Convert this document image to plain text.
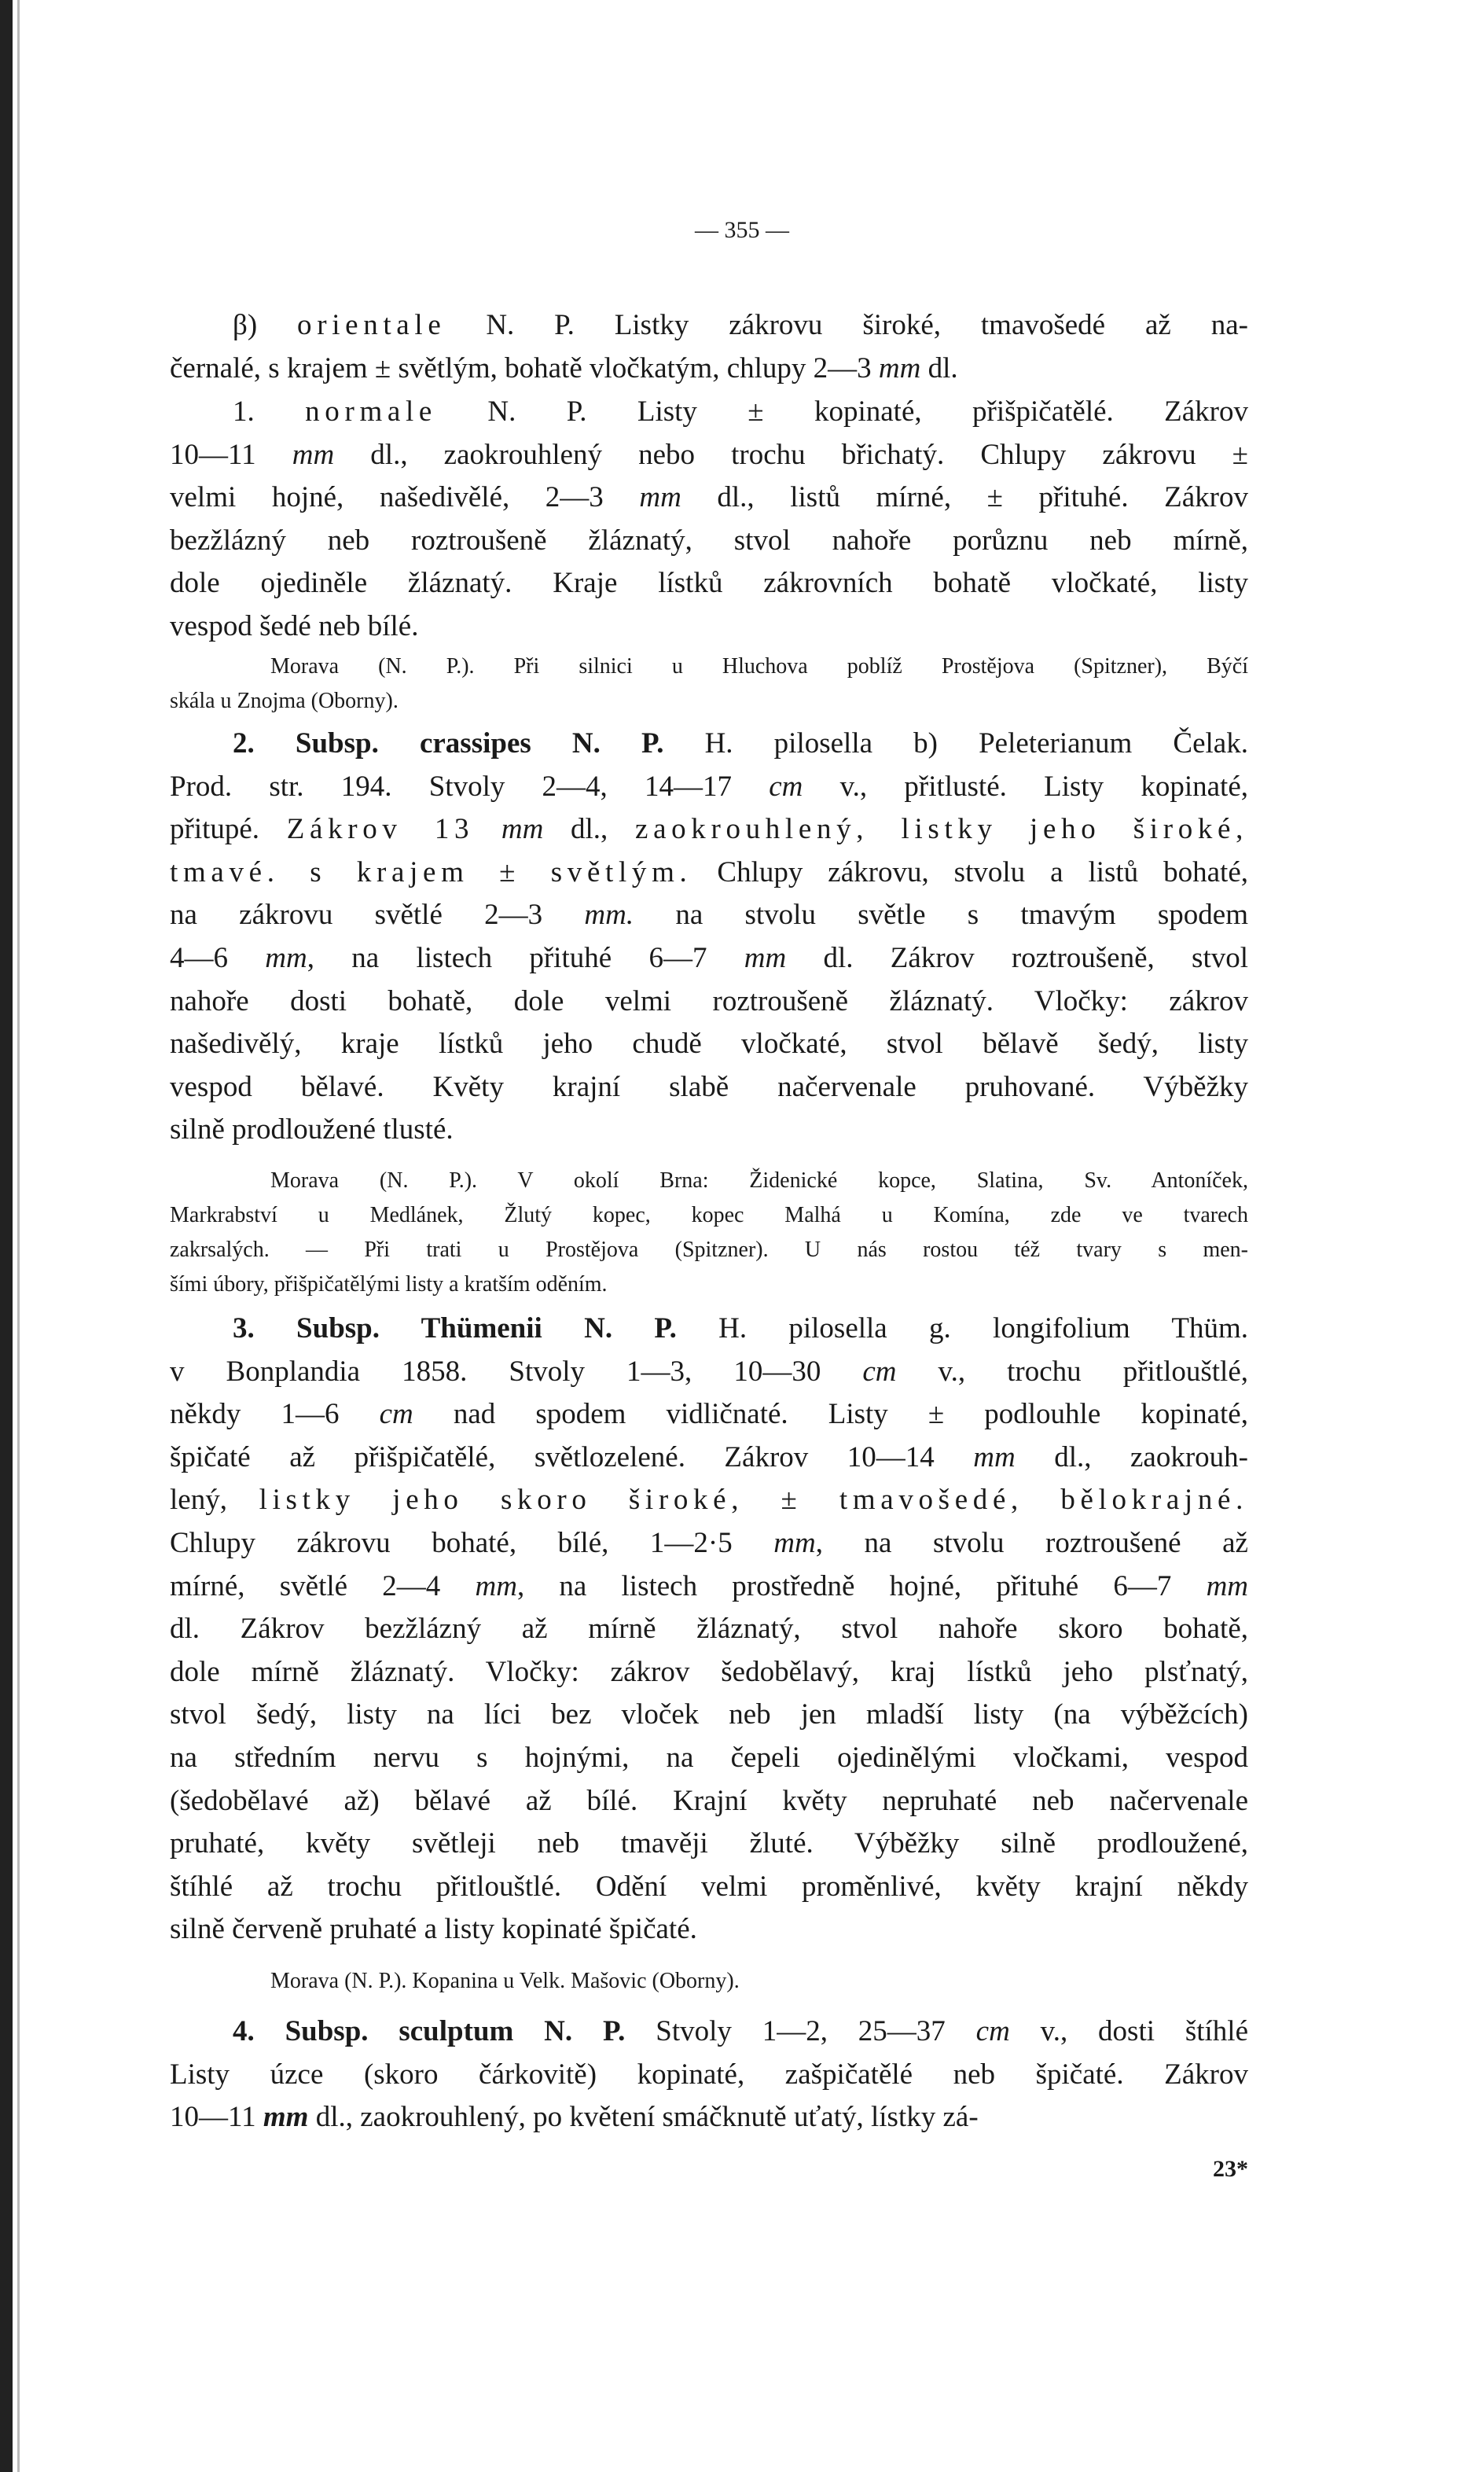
— 355 —
β) orientale N. P. Listky zákrovu široké, tmavošedé až na-
černalé, s krajem ± světlým, bohatě vločkatým, chlupy 2—3 mm dl.
1. normale N. P. Listy ± kopinaté, přišpičatělé. Zákrov
10—11 mm dl., zaokrouhlený nebo trochu břichatý. Chlupy zákrovu ±
velmi hojné, našedivělé, 2—3 mm dl., listů mírné, ± přituhé. Zákrov
bezžlázný neb roztroušeně žláznatý, stvol nahoře porůznu neb mírně,
dole ojediněle žláznatý. Kraje lístků zákrovních bohatě vločkaté, listy
vespod šedé neb bílé.
Morava (N. P.). Při silnici u Hluchova poblíž Prostějova (Spitzner), Býčí
skála u Znojma (Oborny).
2. Subsp. crassipes N. P. H. pilosella b) Peleterianum Čelak.
Prod. str. 194. Stvoly 2—4, 14—17 cm v., přitlusté. Listy kopinaté,
přitupé. Zákrov 13 mm dl., zaokrouhlený, listky jeho široké,
tmavé. s krajem ± světlým. Chlupy zákrovu, stvolu a listů bohaté,
na zákrovu světlé 2—3 mm. na stvolu světle s tmavým spodem
4—6 mm, na listech přituhé 6—7 mm dl. Zákrov roztroušeně, stvol
nahoře dosti bohatě, dole velmi roztroušeně žláznatý. Vločky: zákrov
našedivělý, kraje lístků jeho chudě vločkaté, stvol bělavě šedý, listy
vespod bělavé. Květy krajní slabě načervenale pruhované. Výběžky
silně prodloužené tlusté.
Morava (N. P.). V okolí Brna: Židenické kopce, Slatina, Sv. Antoníček,
Markrabství u Medlánek, Žlutý kopec, kopec Malhá u Komína, zde ve tvarech
zakrsalých. — Při trati u Prostějova (Spitzner). U nás rostou též tvary s men-
šími úbory, přišpičatělými listy a kratším oděním.
3. Subsp. Thümenii N. P. H. pilosella g. longifolium Thüm.
v Bonplandia 1858. Stvoly 1—3, 10—30 cm v., trochu přitlouštlé,
někdy 1—6 cm nad spodem vidličnaté. Listy ± podlouhle kopinaté,
špičaté až přišpičatělé, světlozelené. Zákrov 10—14 mm dl., zaokrouh-
lený, listky jeho skoro široké, ± tmavošedé, bělokrajné.
Chlupy zákrovu bohaté, bílé, 1—2·5 mm, na stvolu roztroušené až
mírné, světlé 2—4 mm, na listech prostředně hojné, přituhé 6—7 mm
dl. Zákrov bezžlázný až mírně žláznatý, stvol nahoře skoro bohatě,
dole mírně žláznatý. Vločky: zákrov šedobělavý, kraj lístků jeho plsťnatý,
stvol šedý, listy na líci bez vloček neb jen mladší listy (na výběžcích)
na středním nervu s hojnými, na čepeli ojedinělými vločkami, vespod
(šedobělavé až) bělavé až bílé. Krajní květy nepruhaté neb načervenale
pruhaté, květy světleji neb tmavěji žluté. Výběžky silně prodloužené,
štíhlé až trochu přitlouštlé. Odění velmi proměnlivé, květy krajní někdy
silně červeně pruhaté a listy kopinaté špičaté.
Morava (N. P.). Kopanina u Velk. Mašovic (Oborny).
4. Subsp. sculptum N. P. Stvoly 1—2, 25—37 cm v., dosti štíhlé
Listy úzce (skoro čárkovitě) kopinaté, zašpičatělé neb špičaté. Zákrov
10—11 mm dl., zaokrouhlený, po květení smáčknutě uťatý, lístky zá-
23*
